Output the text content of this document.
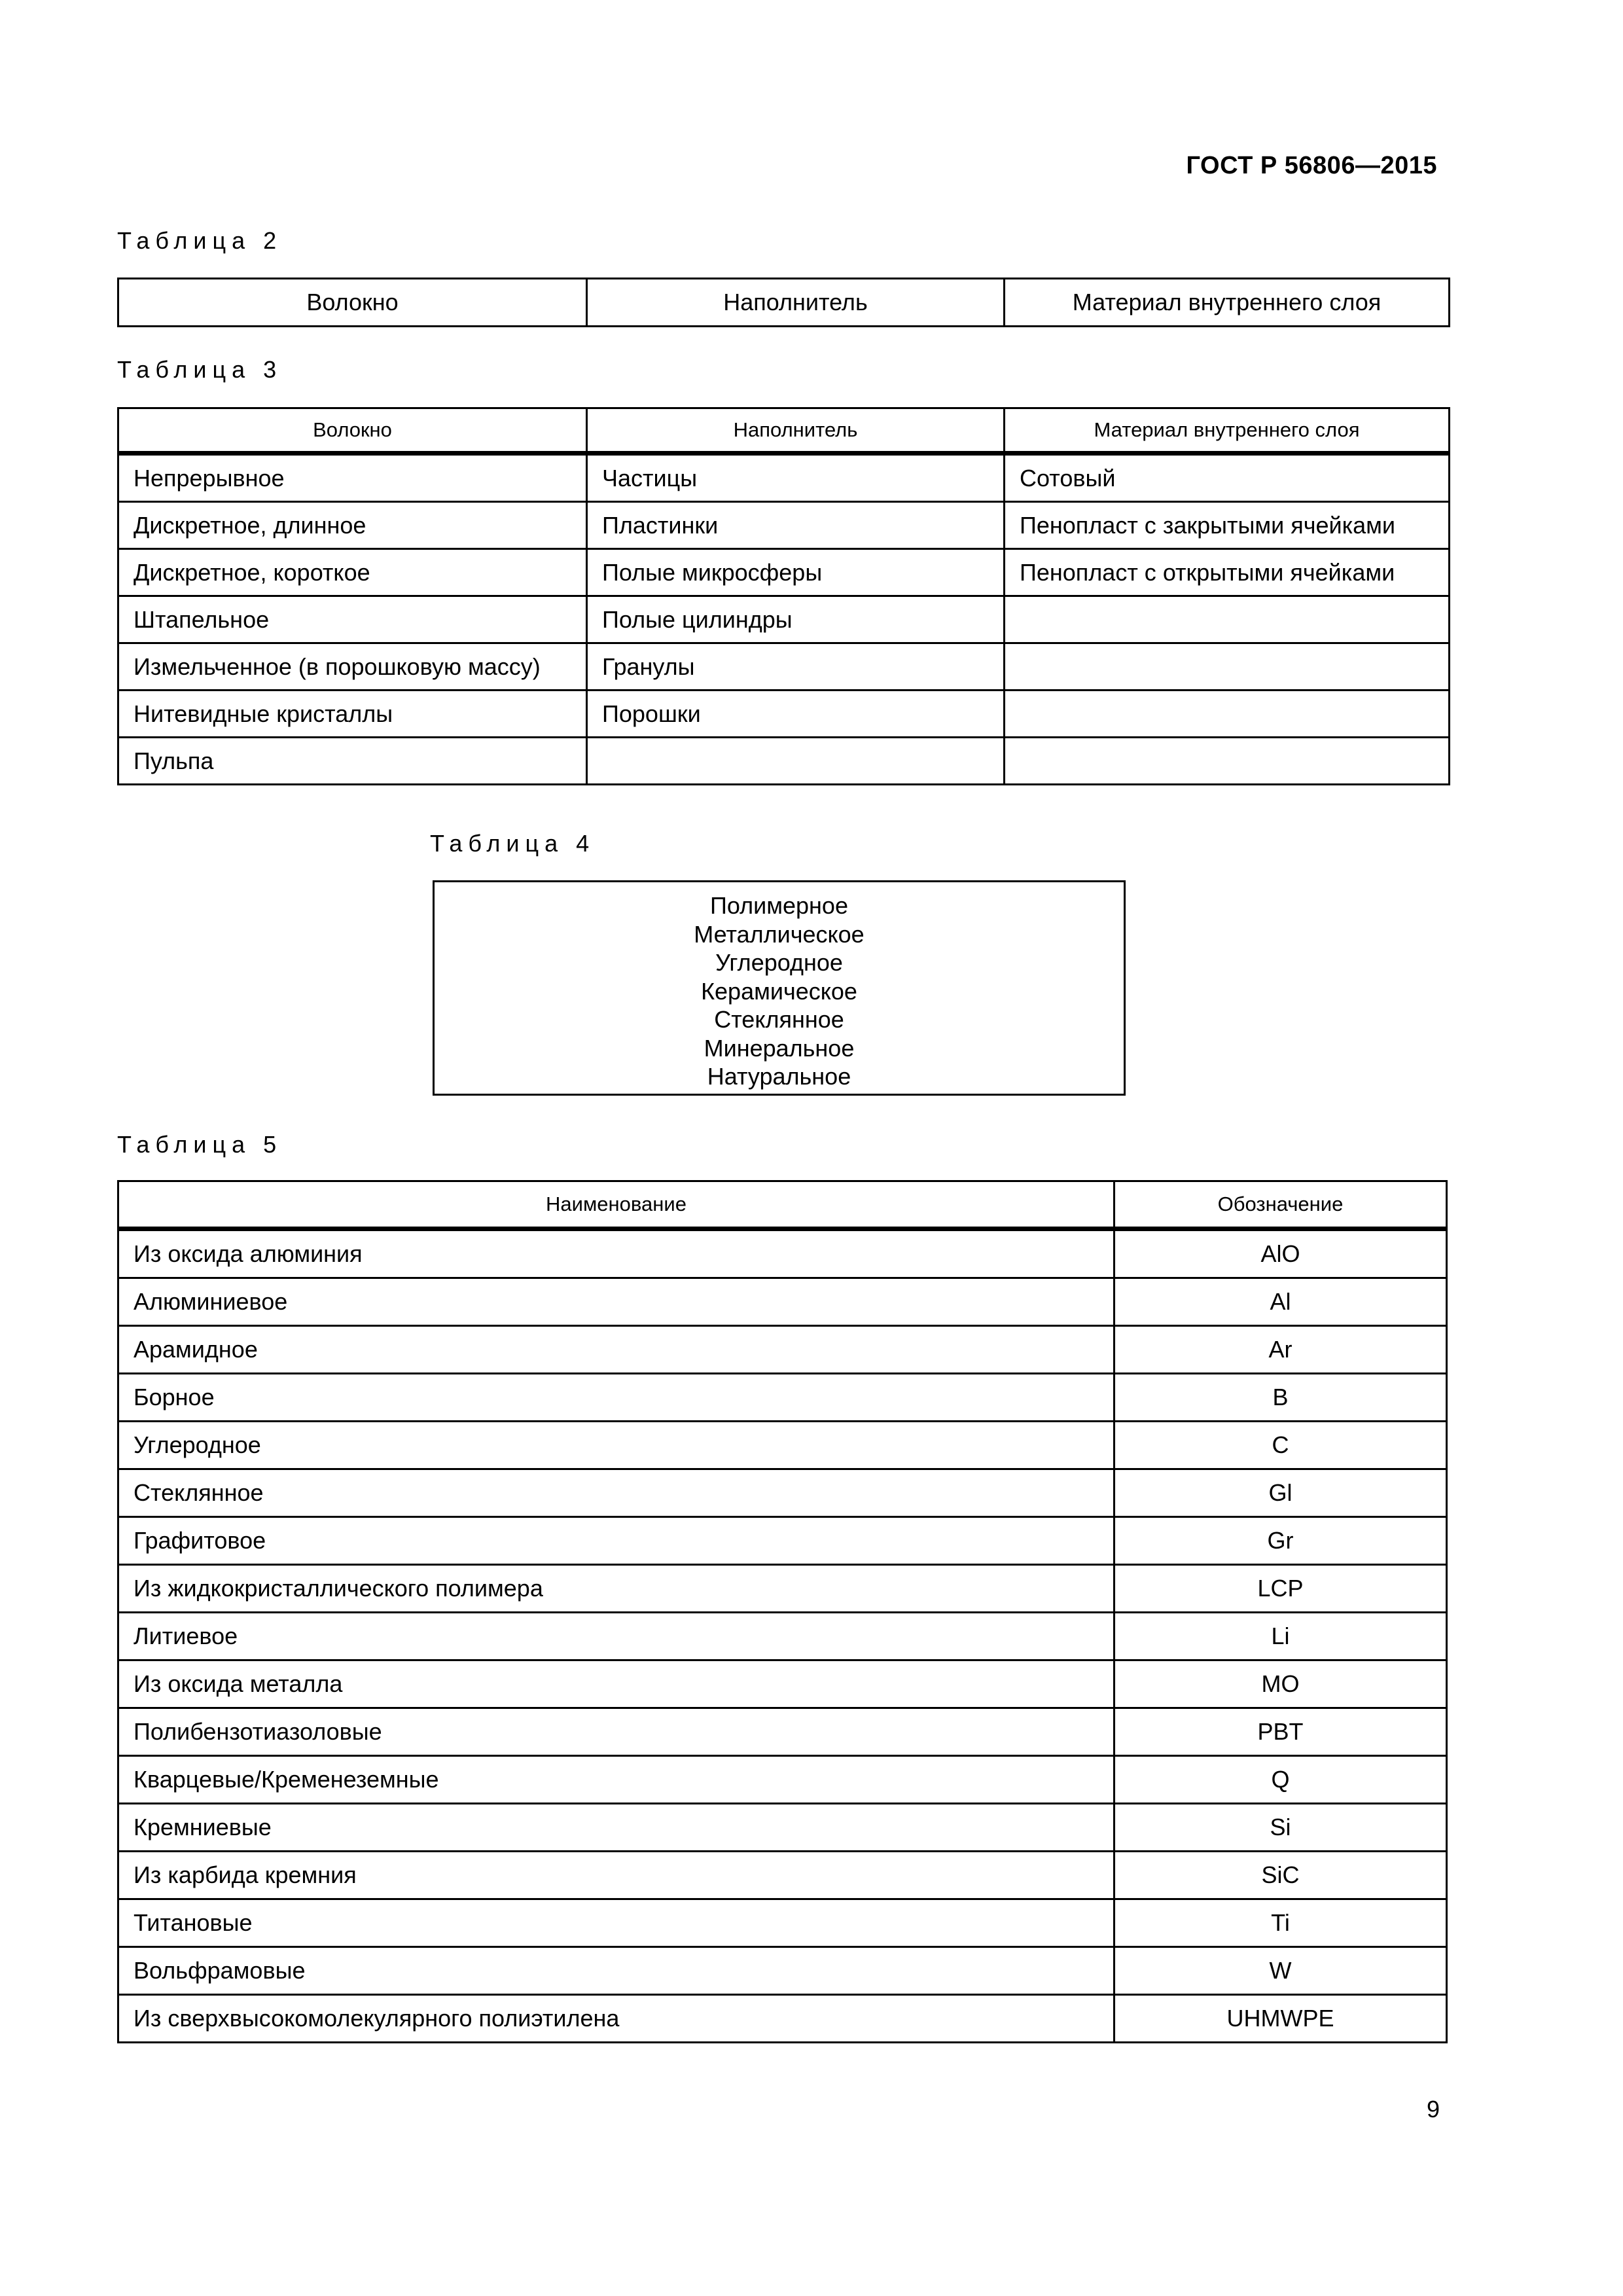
ГОСТ Р 56806—2015
Таблица 2
Волокно	Наполнитель	Материал внутреннего слоя
Таблица 3
Волокно	Наполнитель	Материал внутреннего слоя
Непрерывное	Частицы	Сотовый
Дискретное, длинное	Пластинки	Пенопласт с закрытыми ячейками
Дискретное, короткое	Полые микросферы	Пенопласт с открытыми ячейками
Штапельное	Полые цилиндры	
Измельченное (в порошковую массу)	Гранулы	
Нитевидные кристаллы	Порошки	
Пульпа		
Таблица 4
Полимерное
Металлическое
Углеродное
Керамическое
Стеклянное
Минеральное
Натуральное
Таблица 5
Наименование	Обозначение
Из оксида алюминия	AlO
Алюминиевое	Al
Арамидное	Ar
Борное	B
Углеродное	C
Стеклянное	Gl
Графитовое	Gr
Из жидкокристаллического полимера	LCP
Литиевое	Li
Из оксида металла	MO
Полибензотиазоловые	PBT
Кварцевые/Кременеземные	Q
Кремниевые	Si
Из карбида кремния	SiC
Титановые	Ti
Вольфрамовые	W
Из сверхвысокомолекулярного полиэтилена	UHMWPE
9
